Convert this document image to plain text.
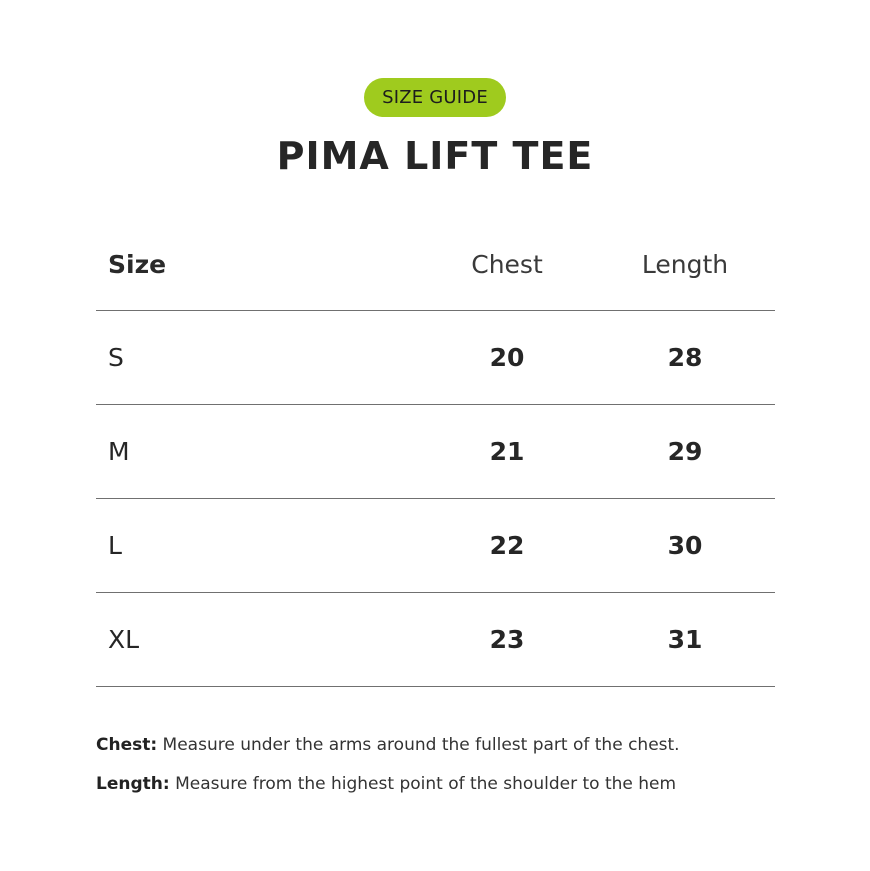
SIZE GUIDE
PIMA LIFT TEE
Size	Chest	Length
S	20	28
M	21	29
L	22	30
XL	23	31
Chest: Measure under the arms around the fullest part of the chest.
Length: Measure from the highest point of the shoulder to the hem
